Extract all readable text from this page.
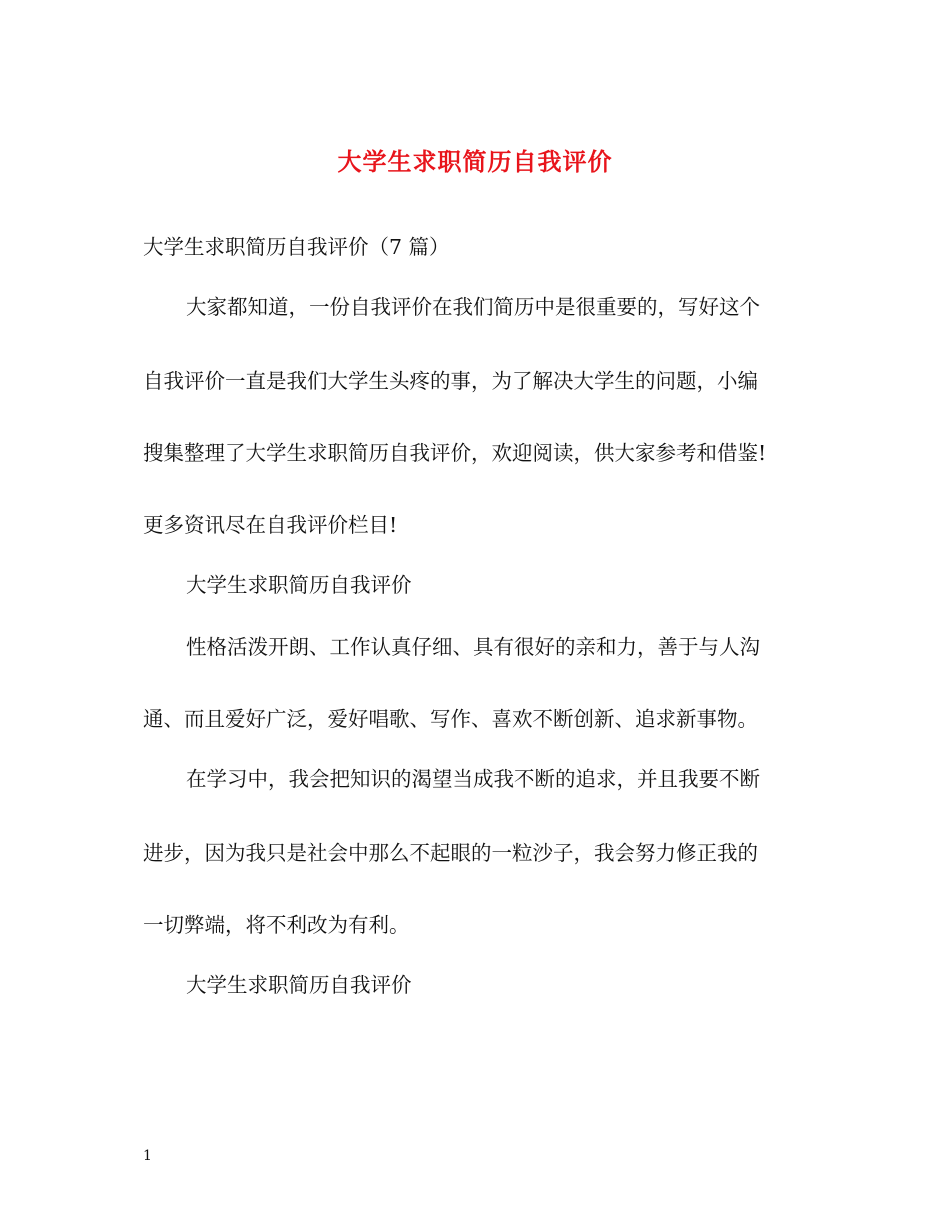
大学生求职简历自我评价

大学生求职简历自我评价（7 篇）

大家都知道，一份自我评价在我们简历中是很重要的，写好这个

自我评价一直是我们大学生头疼的事，为了解决大学生的问题，小编

搜集整理了大学生求职简历自我评价，欢迎阅读，供大家参考和借鉴!

更多资讯尽在自我评价栏目!

大学生求职简历自我评价

性格活泼开朗、工作认真仔细、具有很好的亲和力，善于与人沟

通、而且爱好广泛，爱好唱歌、写作、喜欢不断创新、追求新事物。

在学习中，我会把知识的渴望当成我不断的追求，并且我要不断

进步，因为我只是社会中那么不起眼的一粒沙子，我会努力修正我的

一切弊端，将不利改为有利。

大学生求职简历自我评价

1
